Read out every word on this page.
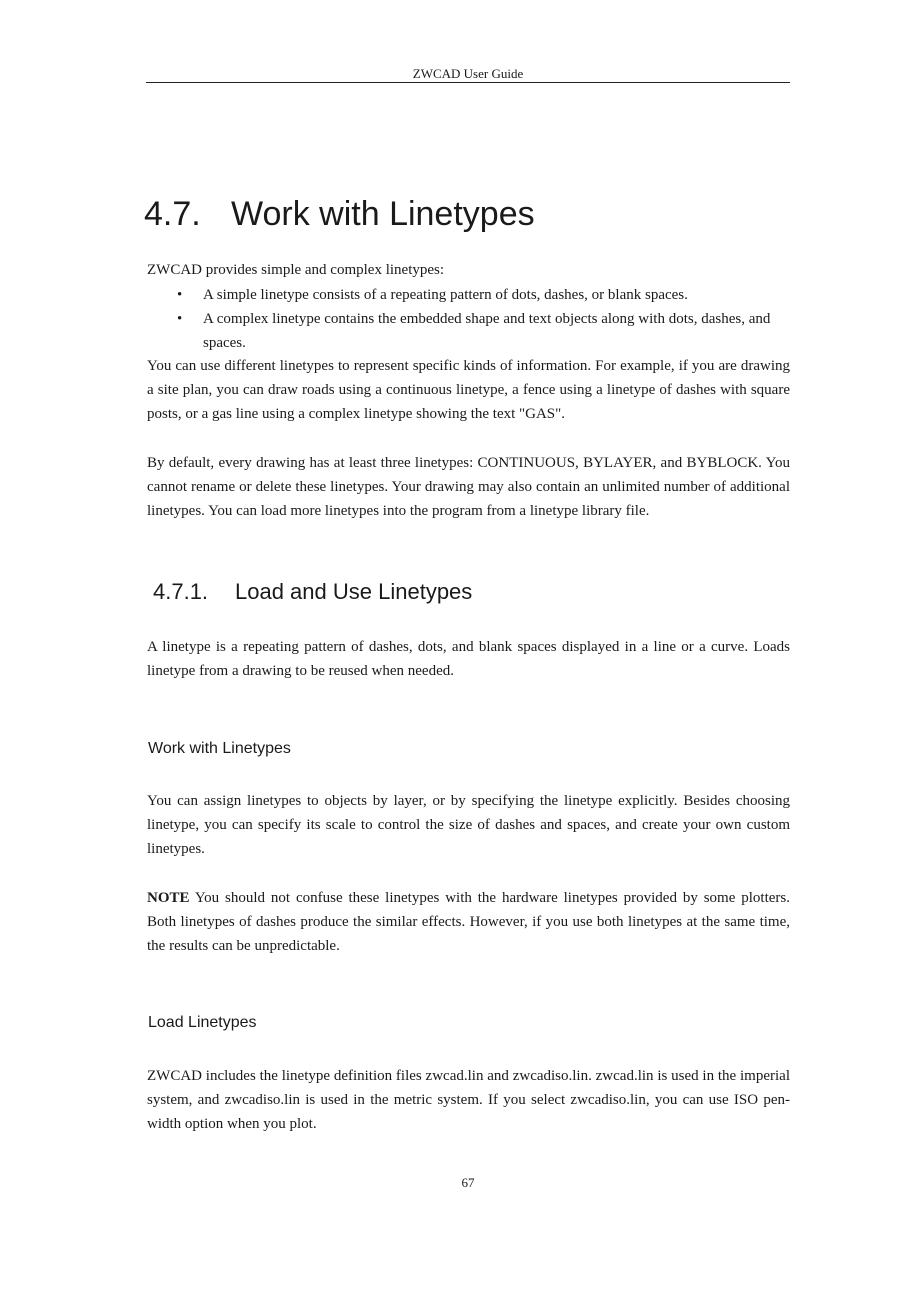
ZWCAD User Guide
4.7. Work with Linetypes

ZWCAD provides simple and complex linetypes:

• A simple linetype consists of a repeating pattern of dots, dashes, or blank spaces.
• A complex linetype contains the embedded shape and text objects along with dots, dashes, and spaces.

You can use different linetypes to represent specific kinds of information. For example, if you are drawing a site plan, you can draw roads using a continuous linetype, a fence using a linetype of dashes with square posts, or a gas line using a complex linetype showing the text "GAS".

By default, every drawing has at least three linetypes: CONTINUOUS, BYLAYER, and BYBLOCK. You cannot rename or delete these linetypes. Your drawing may also contain an unlimited number of additional linetypes. You can load more linetypes into the program from a linetype library file.

4.7.1. Load and Use Linetypes

A linetype is a repeating pattern of dashes, dots, and blank spaces displayed in a line or a curve. Loads linetype from a drawing to be reused when needed.

Work with Linetypes

You can assign linetypes to objects by layer, or by specifying the linetype explicitly. Besides choosing linetype, you can specify its scale to control the size of dashes and spaces, and create your own custom linetypes.

NOTE You should not confuse these linetypes with the hardware linetypes provided by some plotters. Both linetypes of dashes produce the similar effects. However, if you use both linetypes at the same time, the results can be unpredictable.

Load Linetypes

ZWCAD includes the linetype definition files zwcad.lin and zwcadiso.lin. zwcad.lin is used in the imperial system, and zwcadiso.lin is used in the metric system. If you select zwcadiso.lin, you can use ISO pen-width option when you plot.

67
